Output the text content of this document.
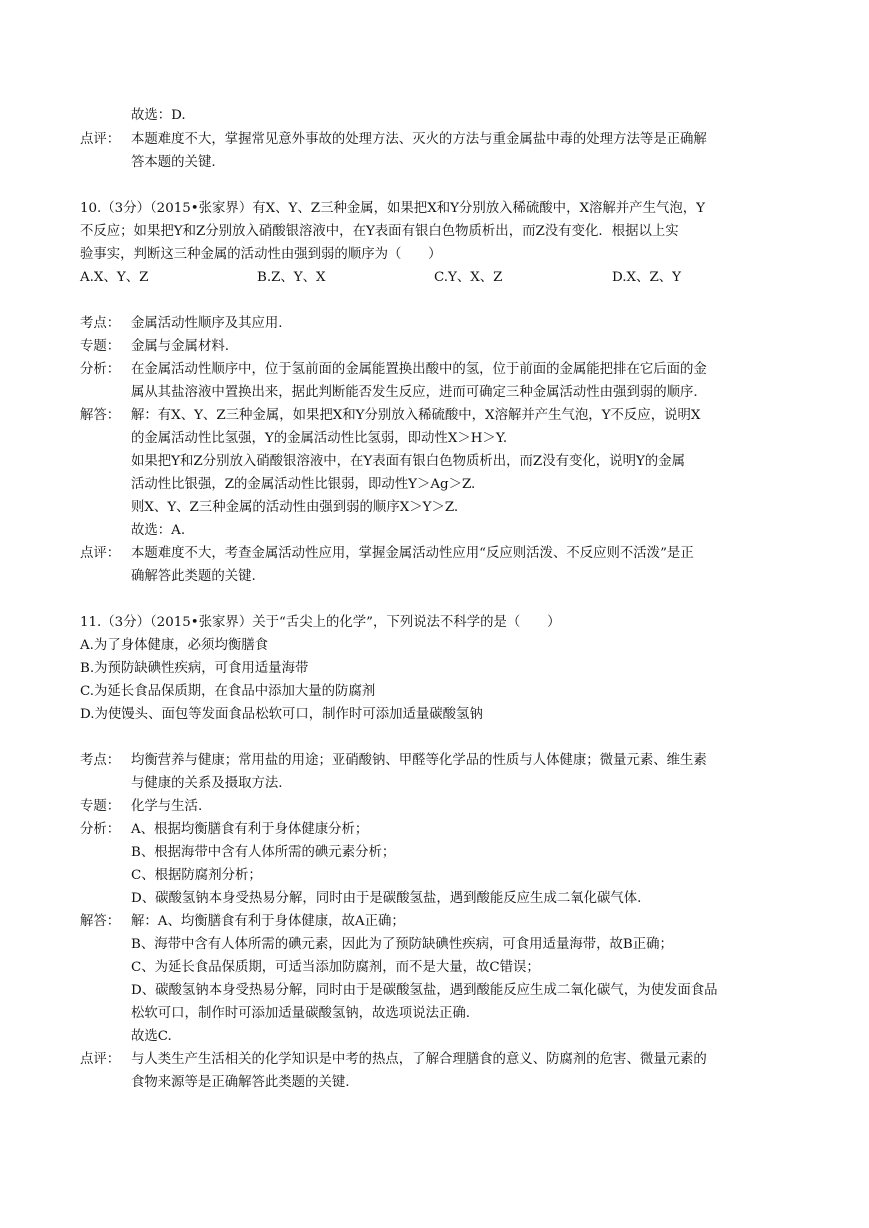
故选：D.
点评： 本题难度不大，掌握常见意外事故的处理方法、灭火的方法与重金属盐中毒的处理方法等是正确解
答本题的关键.
10.（3分）（2015•张家界）有X、Y、Z三种金属，如果把X和Y分别放入稀硫酸中，X溶解并产生气泡，Y
不反应；如果把Y和Z分别放入硝酸银溶液中，在Y表面有银白色物质析出，而Z没有变化．根据以上实
验事实，判断这三种金属的活动性由强到弱的顺序为（　　）
A.X、Y、Z	B.Z、Y、X	C.Y、X、Z	D.X、Z、Y
考点： 金属活动性顺序及其应用.
专题： 金属与金属材料.
分析： 在金属活动性顺序中，位于氢前面的金属能置换出酸中的氢，位于前面的金属能把排在它后面的金
属从其盐溶液中置换出来，据此判断能否发生反应，进而可确定三种金属活动性由强到弱的顺序.
解答： 解：有X、Y、Z三种金属，如果把X和Y分别放入稀硫酸中，X溶解并产生气泡，Y不反应，说明X
的金属活动性比氢强，Y的金属活动性比氢弱，即动性X＞H＞Y.
如果把Y和Z分别放入硝酸银溶液中，在Y表面有银白色物质析出，而Z没有变化，说明Y的金属
活动性比银强，Z的金属活动性比银弱，即动性Y＞Ag＞Z.
则X、Y、Z三种金属的活动性由强到弱的顺序X＞Y＞Z.
故选：A.
点评： 本题难度不大，考查金属活动性应用，掌握金属活动性应用“反应则活泼、不反应则不活泼”是正
确解答此类题的关键.
11.（3分）（2015•张家界）关于“舌尖上的化学”，下列说法不科学的是（　　）
A.为了身体健康，必须均衡膳食
B.为预防缺碘性疾病，可食用适量海带
C.为延长食品保质期，在食品中添加大量的防腐剂
D.为使馒头、面包等发面食品松软可口，制作时可添加适量碳酸氢钠
考点： 均衡营养与健康；常用盐的用途；亚硝酸钠、甲醛等化学品的性质与人体健康；微量元素、维生素
与健康的关系及摄取方法.
专题： 化学与生活.
分析： A、根据均衡膳食有利于身体健康分析；
B、根据海带中含有人体所需的碘元素分析；
C、根据防腐剂分析；
D、碳酸氢钠本身受热易分解，同时由于是碳酸氢盐，遇到酸能反应生成二氧化碳气体.
解答： 解：A、均衡膳食有利于身体健康，故A正确；
B、海带中含有人体所需的碘元素，因此为了预防缺碘性疾病，可食用适量海带，故B正确；
C、为延长食品保质期，可适当添加防腐剂，而不是大量，故C错误；
D、碳酸氢钠本身受热易分解，同时由于是碳酸氢盐，遇到酸能反应生成二氧化碳气，为使发面食品
松软可口，制作时可添加适量碳酸氢钠，故选项说法正确.
故选C.
点评： 与人类生产生活相关的化学知识是中考的热点，了解合理膳食的意义、防腐剂的危害、微量元素的
食物来源等是正确解答此类题的关键.
